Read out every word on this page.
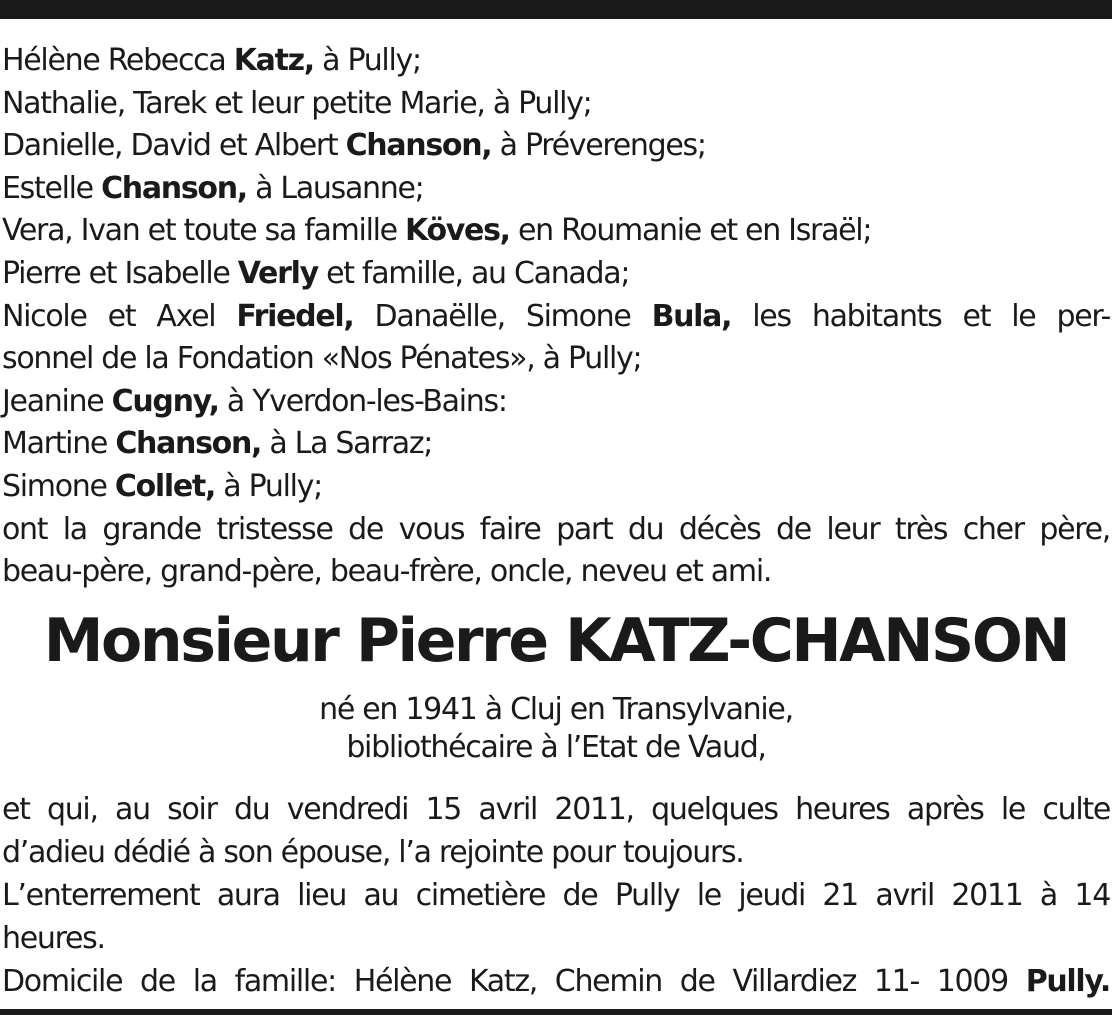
Hélène Rebecca Katz, à Pully;
Nathalie, Tarek et leur petite Marie, à Pully;
Danielle, David et Albert Chanson, à Préverenges;
Estelle Chanson, à Lausanne;
Vera, Ivan et toute sa famille Köves, en Roumanie et en Israël;
Pierre et Isabelle Verly et famille, au Canada;
Nicole et Axel Friedel, Danaëlle, Simone Bula, les habitants et le per-
sonnel de la Fondation «Nos Pénates», à Pully;
Jeanine Cugny, à Yverdon-les-Bains:
Martine Chanson, à La Sarraz;
Simone Collet, à Pully;
ont la grande tristesse de vous faire part du décès de leur très cher père,
beau-père, grand-père, beau-frère, oncle, neveu et ami.
Monsieur Pierre KATZ-CHANSON
né en 1941 à Cluj en Transylvanie,
bibliothécaire à l’Etat de Vaud,
et qui, au soir du vendredi 15 avril 2011, quelques heures après le culte
d’adieu dédié à son épouse, l’a rejointe pour toujours.
L’enterrement aura lieu au cimetière de Pully le jeudi 21 avril 2011 à 14
heures.
Domicile de la famille: Hélène Katz, Chemin de Villardiez 11- 1009 Pully.
